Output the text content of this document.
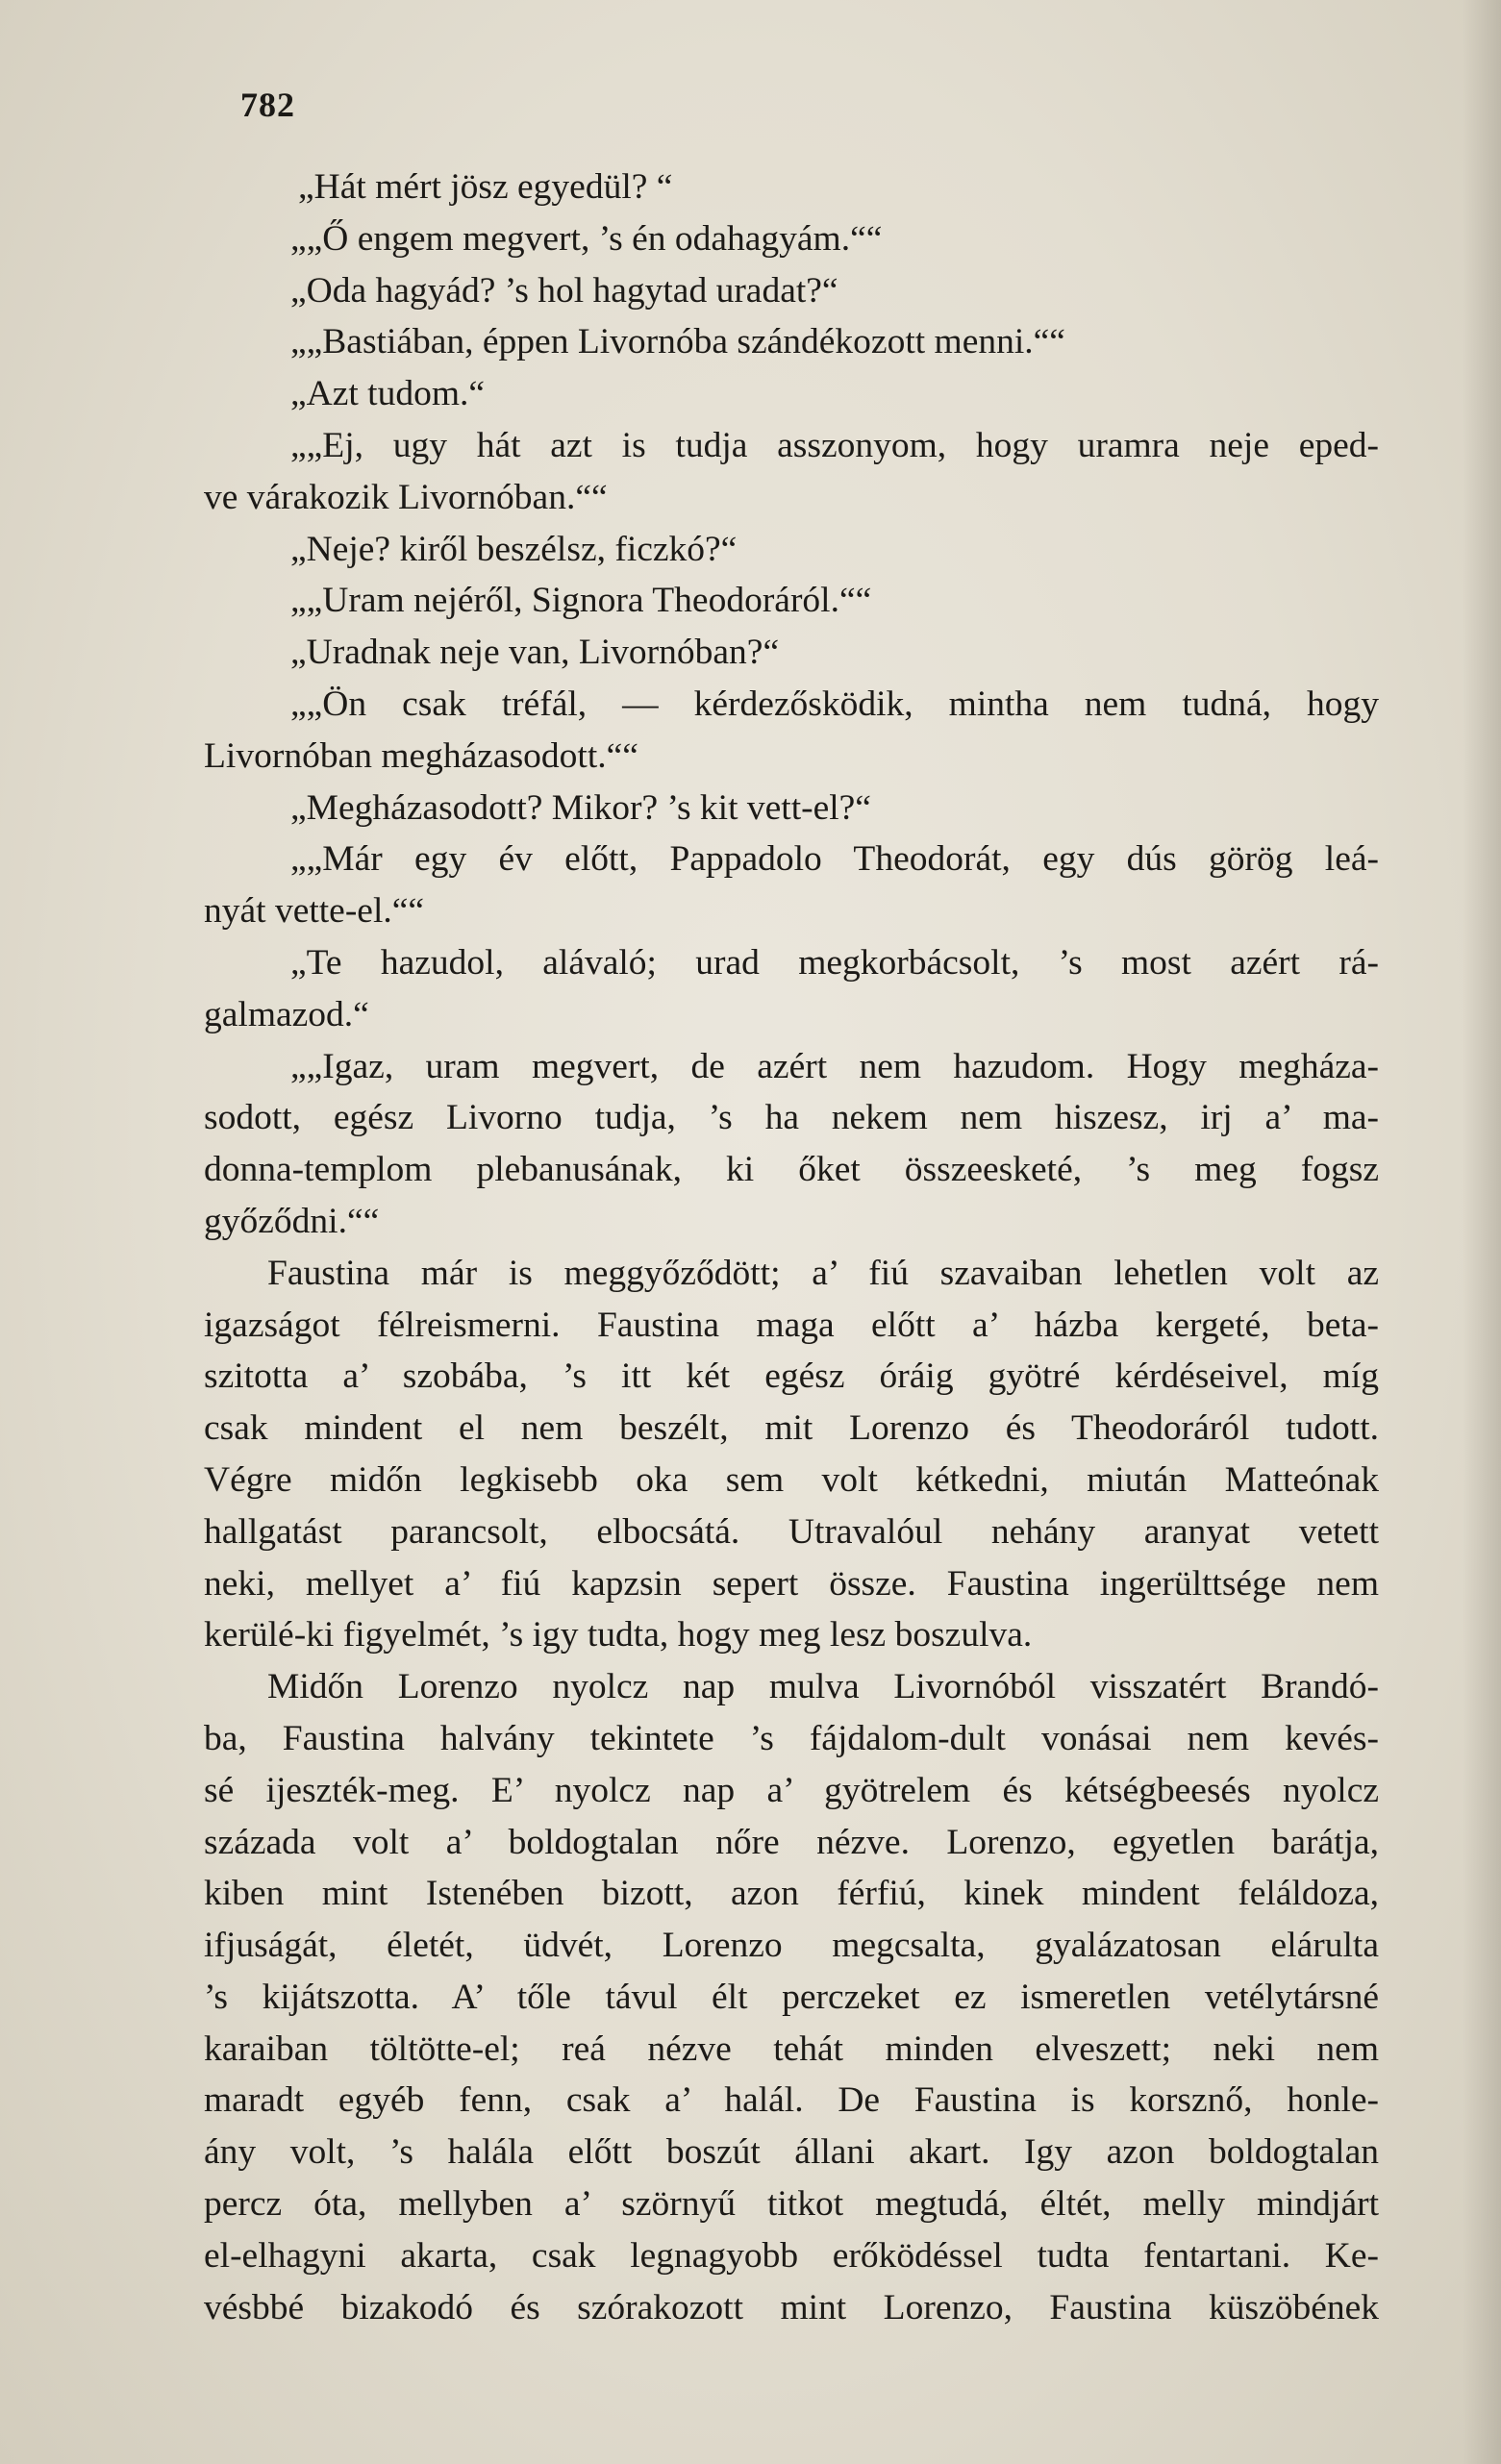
782

„Hát mért jösz egyedül? “

„„Ő engem megvert, ’s én odahagyám.““

„Oda hagyád? ’s hol hagytad uradat?“

„„Bastiában, éppen Livornóba szándékozott menni.““

„Azt tudom.“

„„Ej, ugy hát azt is tudja asszonyom, hogy uramra neje eped-

ve várakozik Livornóban.““

„Neje? kiről beszélsz, ficzkó?“

„„Uram nejéről, Signora Theodoráról.““

„Uradnak neje van, Livornóban?“

„„Ön csak tréfál, — kérdezősködik, mintha nem tudná, hogy

Livornóban megházasodott.““

„Megházasodott? Mikor? ’s kit vett-el?“

„„Már egy év előtt, Pappadolo Theodorát, egy dús görög leá-

nyát vette-el.““

„Te hazudol, alávaló; urad megkorbácsolt, ’s most azért rá-

galmazod.“

„„Igaz, uram megvert, de azért nem hazudom. Hogy megháza-

sodott, egész Livorno tudja, ’s ha nekem nem hiszesz, irj a’ ma-

donna-templom plebanusának, ki őket összeesketé, ’s meg fogsz

győződni.““

Faustina már is meggyőződött; a’ fiú szavaiban lehetlen volt az

igazságot félreismerni. Faustina maga előtt a’ házba kergeté, beta-

szitotta a’ szobába, ’s itt két egész óráig gyötré kérdéseivel, míg

csak mindent el nem beszélt, mit Lorenzo és Theodoráról tudott.

Végre midőn legkisebb oka sem volt kétkedni, miután Matteónak

hallgatást parancsolt, elbocsátá. Utravalóul nehány aranyat vetett

neki, mellyet a’ fiú kapzsin sepert össze. Faustina ingerülttsége nem

kerülé-ki figyelmét, ’s igy tudta, hogy meg lesz boszulva.

Midőn Lorenzo nyolcz nap mulva Livornóból visszatért Brandó-

ba, Faustina halvány tekintete ’s fájdalom-dult vonásai nem kevés-

sé ijeszték-meg. E’ nyolcz nap a’ gyötrelem és kétségbeesés nyolcz

százada volt a’ boldogtalan nőre nézve. Lorenzo, egyetlen barátja,

kiben mint Istenében bizott, azon férfiú, kinek mindent feláldoza,

ifjuságát, életét, üdvét, Lorenzo megcsalta, gyalázatosan elárulta

’s kijátszotta. A’ tőle távul élt perczeket ez ismeretlen vetélytársné

karaiban töltötte-el; reá nézve tehát minden elveszett; neki nem

maradt egyéb fenn, csak a’ halál. De Faustina is korsznő, honle-

ány volt, ’s halála előtt boszút állani akart. Igy azon boldogtalan

percz óta, mellyben a’ szörnyű titkot megtudá, éltét, melly mindjárt

el-elhagyni akarta, csak legnagyobb erőködéssel tudta fentartani. Ke-

vésbbé bizakodó és szórakozott mint Lorenzo, Faustina küszöbének
